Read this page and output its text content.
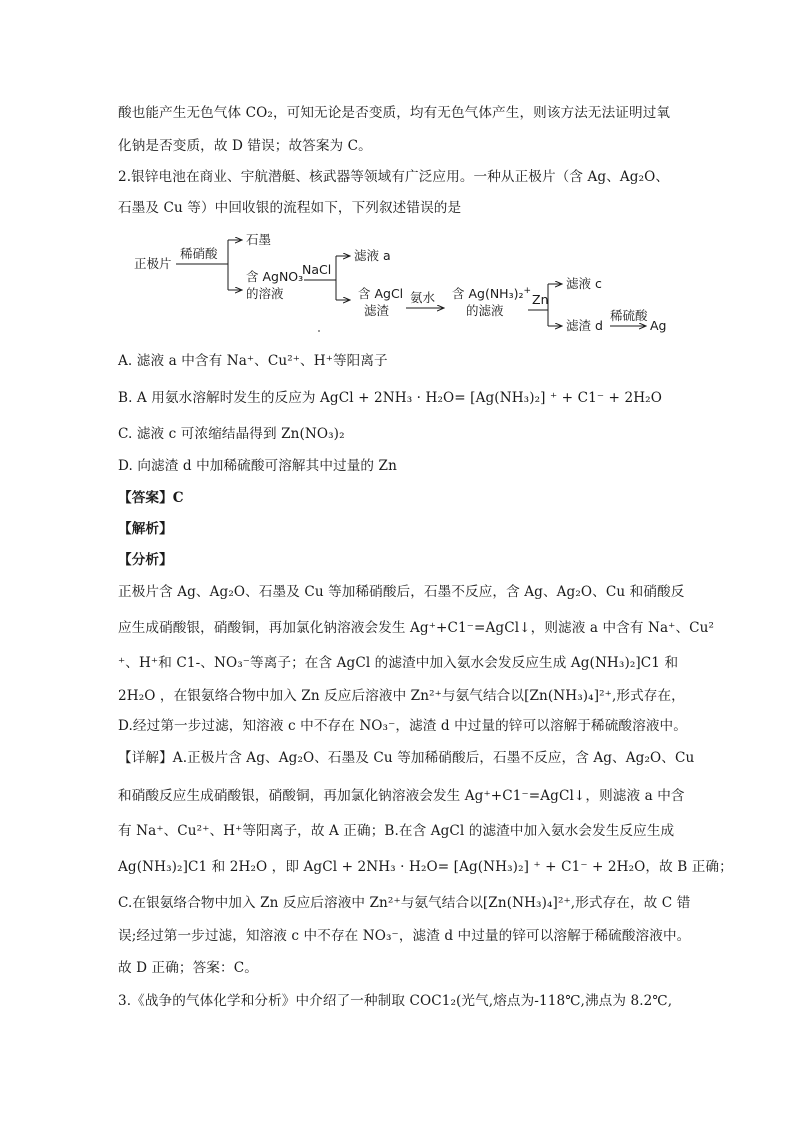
酸也能产生无色气体 CO₂，可知无论是否变质，均有无色气体产生，则该方法无法证明过氧
化钠是否变质，故 D 错误；故答案为 C。
2.银锌电池在商业、宇航潜艇、核武器等领域有广泛应用。一种从正极片（含 Ag、Ag₂O、
石墨及 Cu 等）中回收银的流程如下，下列叙述错误的是
正极片
稀硝酸
石墨
含 AgNO₃
的溶液
NaCl
滤液 a
含 AgCl
滤渣
氨水 含 Ag(NH₃)₂+
的滤液
Zn
滤液 c
滤渣 d
稀硫酸
Ag
A. 滤液 a 中含有 Na⁺、Cu²⁺、H⁺等阳离子
B. A 用氨水溶解时发生的反应为 AgCl + 2NH₃ · H₂O= [Ag(NH₃)₂] ⁺ + C1⁻ + 2H₂O
C. 滤液 c 可浓缩结晶得到 Zn(NO₃)₂
D. 向滤渣 d 中加稀硫酸可溶解其中过量的 Zn
【答案】C
【解析】
【分析】
正极片含 Ag、Ag₂O、石墨及 Cu 等加稀硝酸后，石墨不反应，含 Ag、Ag₂O、Cu 和硝酸反
应生成硝酸银，硝酸铜，再加氯化钠溶液会发生 Ag⁺+C1⁻=AgCl↓，则滤液 a 中含有 Na⁺、Cu²
⁺、H⁺和 C1-、NO₃⁻等离子；在含 AgCl 的滤渣中加入氨水会发反应生成 Ag(NH₃)₂]C1 和
2H₂O ，在银氨络合物中加入 Zn 反应后溶液中 Zn²⁺与氨气结合以[Zn(NH₃)₄]²⁺,形式存在，
D.经过第一步过滤，知溶液 c 中不存在 NO₃⁻，滤渣 d 中过量的锌可以溶解于稀硫酸溶液中。
【详解】A.正极片含 Ag、Ag₂O、石墨及 Cu 等加稀硝酸后，石墨不反应，含 Ag、Ag₂O、Cu
和硝酸反应生成硝酸银，硝酸铜，再加氯化钠溶液会发生 Ag⁺+C1⁻=AgCl↓，则滤液 a 中含
有 Na⁺、Cu²⁺、H⁺等阳离子，故 A 正确；B.在含 AgCl 的滤渣中加入氨水会发生反应生成
Ag(NH₃)₂]C1 和 2H₂O ，即 AgCl + 2NH₃ · H₂O= [Ag(NH₃)₂] ⁺ + C1⁻ + 2H₂O，故 B 正确；
C.在银氨络合物中加入 Zn 反应后溶液中 Zn²⁺与氨气结合以[Zn(NH₃)₄]²⁺,形式存在，故 C 错
误;经过第一步过滤，知溶液 c 中不存在 NO₃⁻，滤渣 d 中过量的锌可以溶解于稀硫酸溶液中。
故 D 正确；答案：C。
3.《战争的气体化学和分析》中介绍了一种制取 COC1₂(光气,熔点为-118℃,沸点为 8.2℃,
